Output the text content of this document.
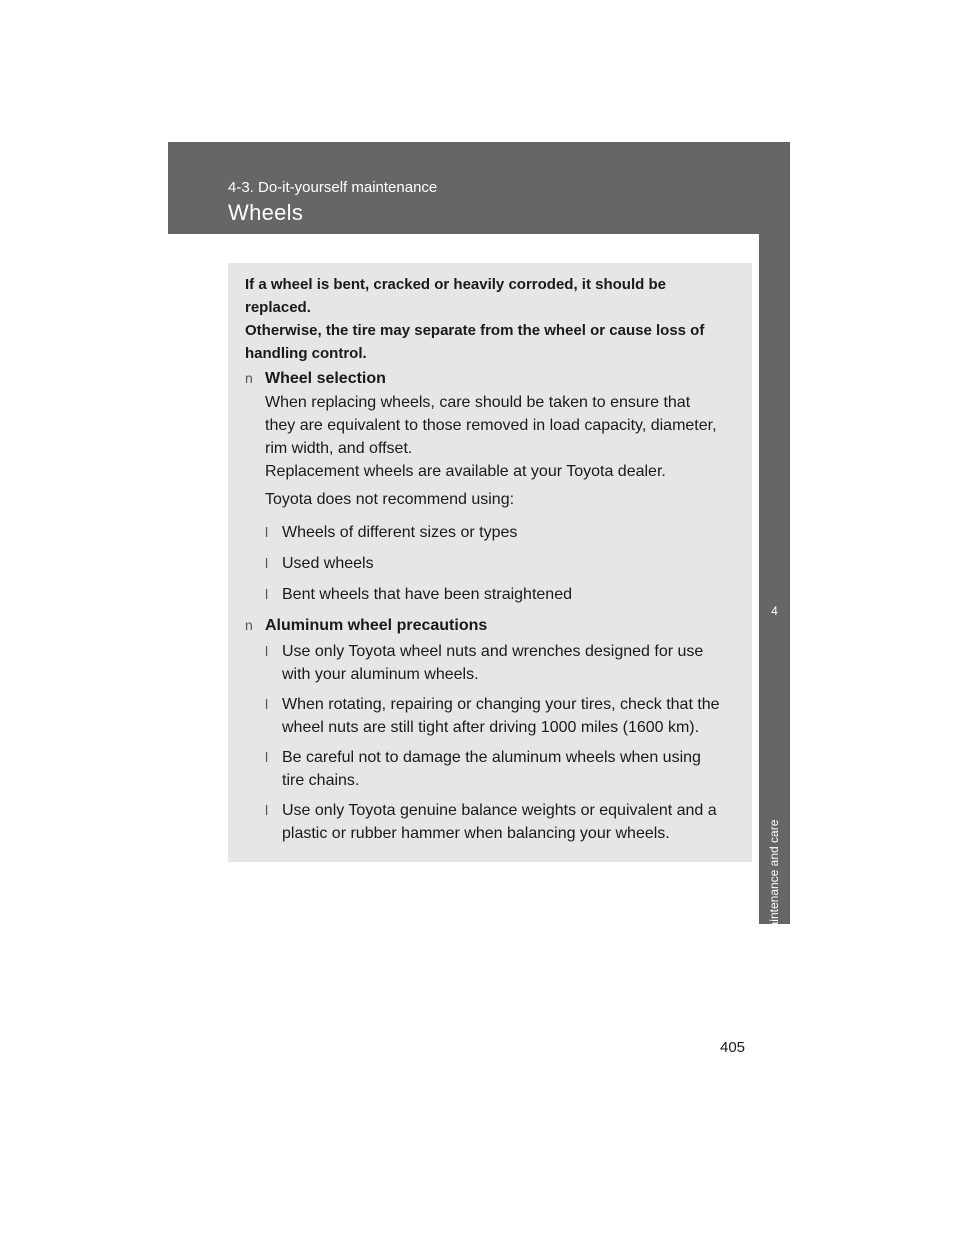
4-3. Do-it-yourself maintenance
Wheels
4
Maintenance and care
If a wheel is bent, cracked or heavily corroded, it should be
replaced.
Otherwise, the tire may separate from the wheel or cause loss of
handling control.
n Wheel selection
When replacing wheels, care should be taken to ensure that
they are equivalent to those removed in load capacity, diameter,
rim width, and offset.
Replacement wheels are available at your Toyota dealer.
Toyota does not recommend using:
l Wheels of different sizes or types
l Used wheels
l Bent wheels that have been straightened
n Aluminum wheel precautions
l Use only Toyota wheel nuts and wrenches designed for use
with your aluminum wheels.
l When rotating, repairing or changing your tires, check that the
wheel nuts are still tight after driving 1000 miles (1600 km).
l Be careful not to damage the aluminum wheels when using
tire chains.
l Use only Toyota genuine balance weights or equivalent and a
plastic or rubber hammer when balancing your wheels.
405
